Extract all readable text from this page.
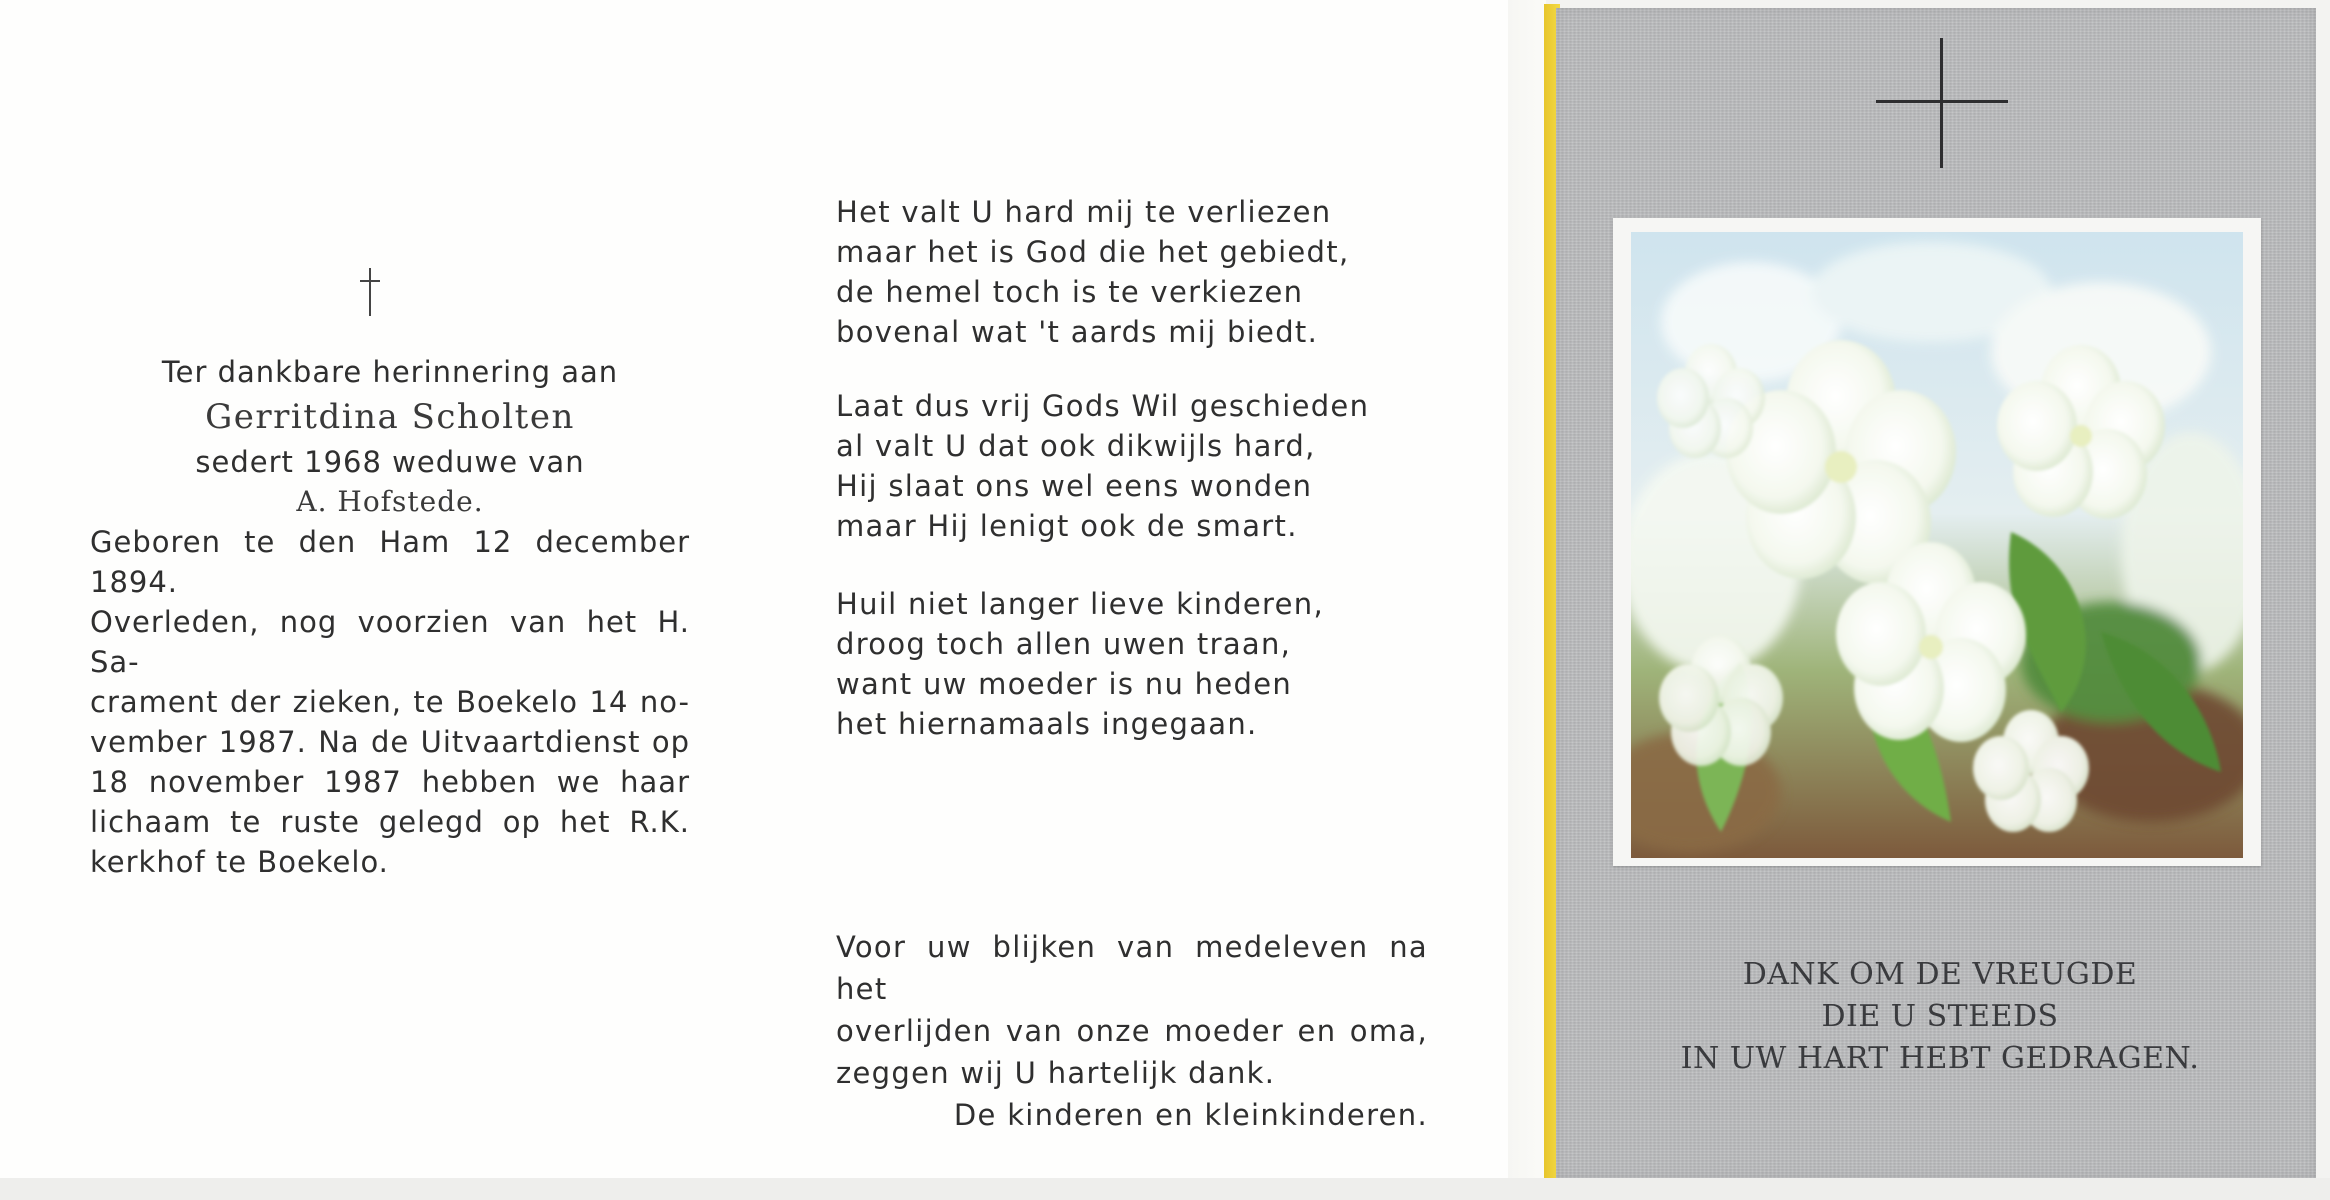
Ter dankbare herinnering aan
Gerritdina Scholten
sedert 1968 weduwe van
A. Hofstede.
Geboren te den Ham 12 december 1894.
Overleden, nog voorzien van het H. Sa-
crament der zieken, te Boekelo 14 no-
vember 1987. Na de Uitvaartdienst op
18 november 1987 hebben we haar
lichaam te ruste gelegd op het R.K.
kerkhof te Boekelo.

Het valt U hard mij te verliezen

maar het is God die het gebiedt,

de hemel toch is te verkiezen

bovenal wat 't aards mij biedt.

Laat dus vrij Gods Wil geschieden

al valt U dat ook dikwijls hard,

Hij slaat ons wel eens wonden

maar Hij lenigt ook de smart.

Huil niet langer lieve kinderen,

droog toch allen uwen traan,

want uw moeder is nu heden

het hiernamaals ingegaan.

Voor uw blijken van medeleven na het

overlijden van onze moeder en oma,

zeggen wij U hartelijk dank.

De kinderen en kleinkinderen.

DANK OM DE VREUGDE

DIE U STEEDS

IN UW HART HEBT GEDRAGEN.
